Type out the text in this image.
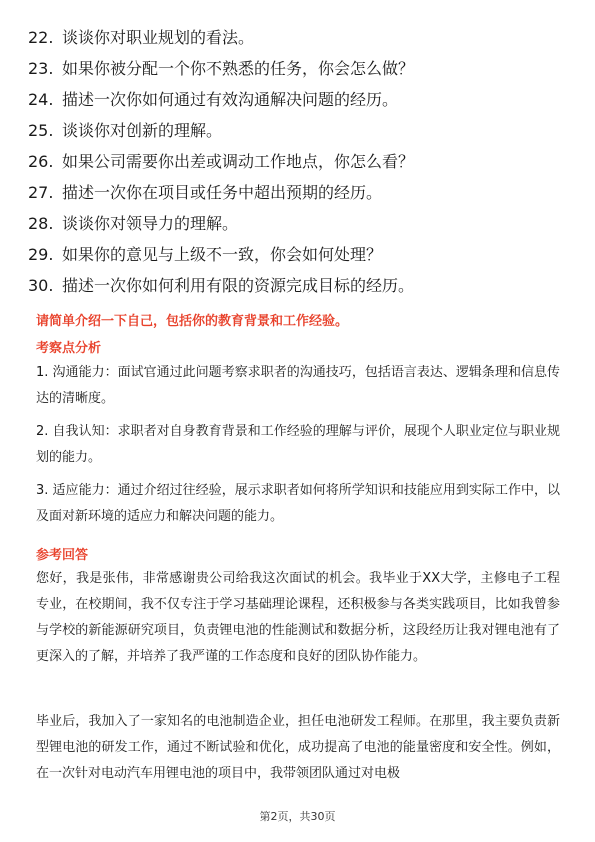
22. 谈谈你对职业规划的看法。
23. 如果你被分配一个你不熟悉的任务，你会怎么做？
24. 描述一次你如何通过有效沟通解决问题的经历。
25. 谈谈你对创新的理解。
26. 如果公司需要你出差或调动工作地点，你怎么看？
27. 描述一次你在项目或任务中超出预期的经历。
28. 谈谈你对领导力的理解。
29. 如果你的意见与上级不一致，你会如何处理？
30. 描述一次你如何利用有限的资源完成目标的经历。
请简单介绍一下自己，包括你的教育背景和工作经验。
考察点分析
1. 沟通能力：面试官通过此问题考察求职者的沟通技巧，包括语言表达、逻辑条理和信息传达的清晰度。
2. 自我认知：求职者对自身教育背景和工作经验的理解与评价，展现个人职业定位与职业规划的能力。
3. 适应能力：通过介绍过往经验，展示求职者如何将所学知识和技能应用到实际工作中，以及面对新环境的适应力和解决问题的能力。
参考回答
您好，我是张伟，非常感谢贵公司给我这次面试的机会。我毕业于XX大学，主修电子工程专业，在校期间，我不仅专注于学习基础理论课程，还积极参与各类实践项目，比如我曾参与学校的新能源研究项目，负责锂电池的性能测试和数据分析，这段经历让我对锂电池有了更深入的了解，并培养了我严谨的工作态度和良好的团队协作能力。
毕业后，我加入了一家知名的电池制造企业，担任电池研发工程师。在那里，我主要负责新型锂电池的研发工作，通过不断试验和优化，成功提高了电池的能量密度和安全性。例如，在一次针对电动汽车用锂电池的项目中，我带领团队通过对电极
第2页，共30页
